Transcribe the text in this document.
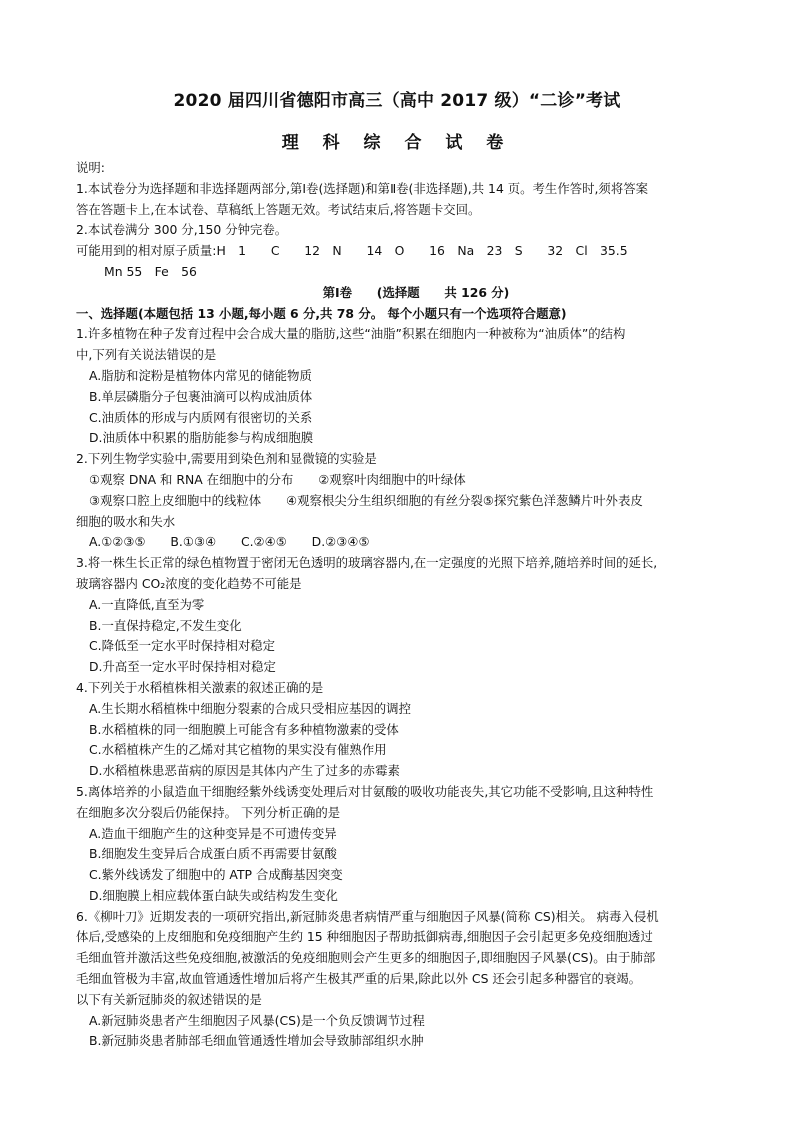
2020 届四川省德阳市高三（高中 2017 级）“二诊”考试
理 科 综 合 试 卷
说明:
1.本试卷分为选择题和非选择题两部分,第Ⅰ卷(选择题)和第Ⅱ卷(非选择题),共 14 页。考生作答时,须将答案
答在答题卡上,在本试卷、草稿纸上答题无效。考试结束后,将答题卡交回。
2.本试卷满分 300 分,150 分钟完卷。
可能用到的相对原子质量:H　1　　C　　12　N　　14　O　　16　Na　23　S　　32　Cl　35.5
Mn 55　Fe　56
第Ⅰ卷　　(选择题　　共 126 分)
一、选择题(本题包括 13 小题,每小题 6 分,共 78 分。 每个小题只有一个选项符合题意)
1.许多植物在种子发育过程中会合成大量的脂肪,这些“油脂”积累在细胞内一种被称为“油质体”的结构
中,下列有关说法错误的是
A.脂肪和淀粉是植物体内常见的储能物质
B.单层磷脂分子包裹油滴可以构成油质体
C.油质体的形成与内质网有很密切的关系
D.油质体中积累的脂肪能参与构成细胞膜
2.下列生物学实验中,需要用到染色剂和显微镜的实验是
①观察 DNA 和 RNA 在细胞中的分布　　②观察叶肉细胞中的叶绿体
③观察口腔上皮细胞中的线粒体　　④观察根尖分生组织细胞的有丝分裂⑤探究紫色洋葱鳞片叶外表皮
细胞的吸水和失水
A.①②③⑤　　B.①③④　　C.②④⑤　　D.②③④⑤
3.将一株生长正常的绿色植物置于密闭无色透明的玻璃容器内,在一定强度的光照下培养,随培养时间的延长,
玻璃容器内 CO₂浓度的变化趋势不可能是
A.一直降低,直至为零
B.一直保持稳定,不发生变化
C.降低至一定水平时保持相对稳定
D.升高至一定水平时保持相对稳定
4.下列关于水稻植株相关激素的叙述正确的是
A.生长期水稻植株中细胞分裂素的合成只受相应基因的调控
B.水稻植株的同一细胞膜上可能含有多种植物激素的受体
C.水稻植株产生的乙烯对其它植物的果实没有催熟作用
D.水稻植株患恶苗病的原因是其体内产生了过多的赤霉素
5.离体培养的小鼠造血干细胞经紫外线诱变处理后对甘氨酸的吸收功能丧失,其它功能不受影响,且这种特性
在细胞多次分裂后仍能保持。 下列分析正确的是
A.造血干细胞产生的这种变异是不可遗传变异
B.细胞发生变异后合成蛋白质不再需要甘氨酸
C.紫外线诱发了细胞中的 ATP 合成酶基因突变
D.细胞膜上相应载体蛋白缺失或结构发生变化
6.《柳叶刀》近期发表的一项研究指出,新冠肺炎患者病情严重与细胞因子风暴(简称 CS)相关。 病毒入侵机
体后,受感染的上皮细胞和免疫细胞产生约 15 种细胞因子帮助抵御病毒,细胞因子会引起更多免疫细胞透过
毛细血管并激活这些免疫细胞,被激活的免疫细胞则会产生更多的细胞因子,即细胞因子风暴(CS)。由于肺部
毛细血管极为丰富,故血管通透性增加后将产生极其严重的后果,除此以外 CS 还会引起多种器官的衰竭。
以下有关新冠肺炎的叙述错误的是
A.新冠肺炎患者产生细胞因子风暴(CS)是一个负反馈调节过程
B.新冠肺炎患者肺部毛细血管通透性增加会导致肺部组织水肿
